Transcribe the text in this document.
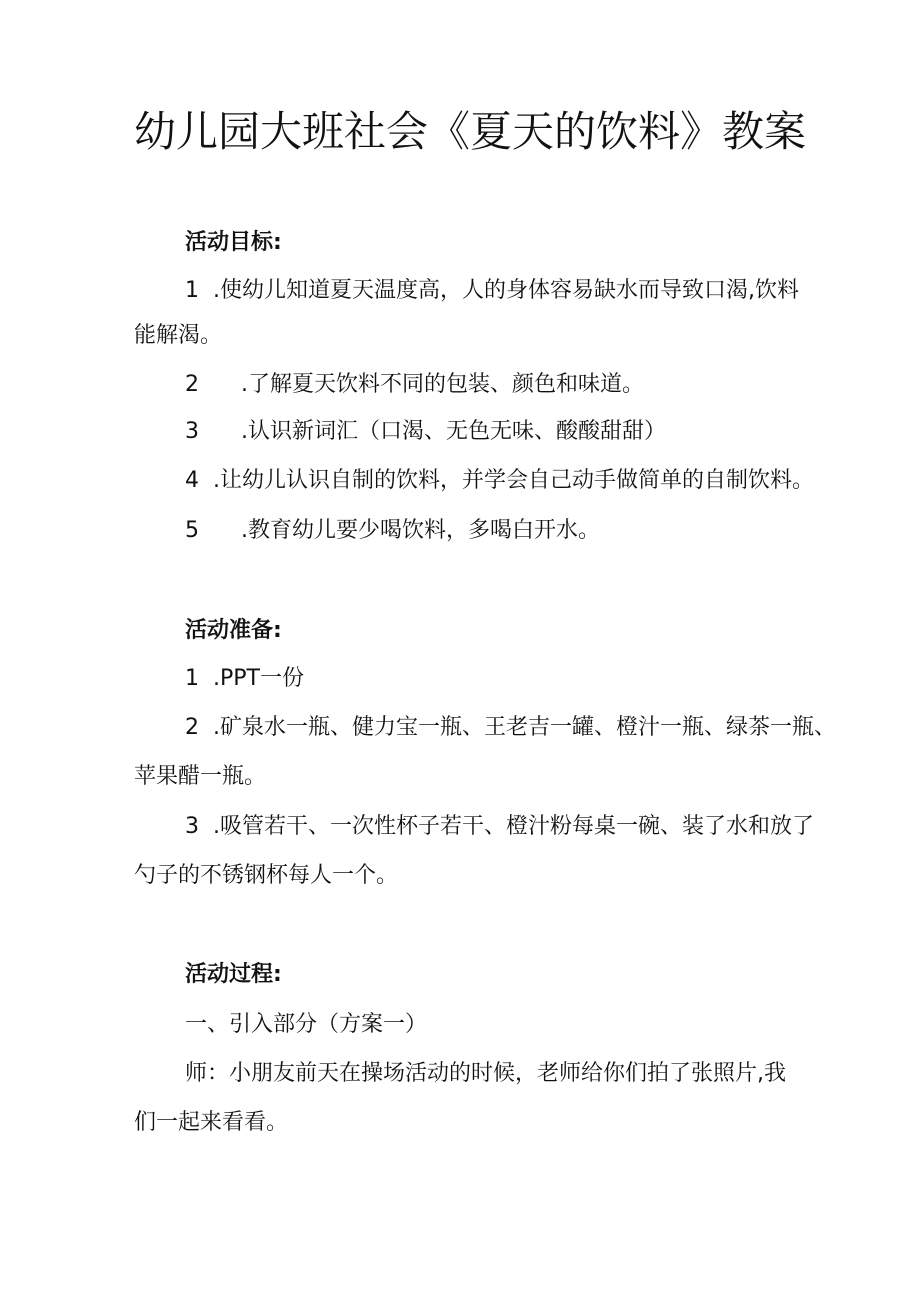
幼儿园大班社会《夏天的饮料》教案
活动目标:
1 .使幼儿知道夏天温度高，人的身体容易缺水而导致口渴,饮料
能解渴。
2 .了解夏天饮料不同的包装、颜色和味道。
3 .认识新词汇（口渴、无色无味、酸酸甜甜）
4 .让幼儿认识自制的饮料，并学会自己动手做简单的自制饮料。
5 .教育幼儿要少喝饮料，多喝白开水。
活动准备:
1 .PPT一份
2 .矿泉水一瓶、健力宝一瓶、王老吉一罐、橙汁一瓶、绿茶一瓶、
苹果醋一瓶。
3 .吸管若干、一次性杯子若干、橙汁粉每桌一碗、装了水和放了
勺子的不锈钢杯每人一个。
活动过程:
一、引入部分（方案一）
师：小朋友前天在操场活动的时候，老师给你们拍了张照片,我
们一起来看看。
